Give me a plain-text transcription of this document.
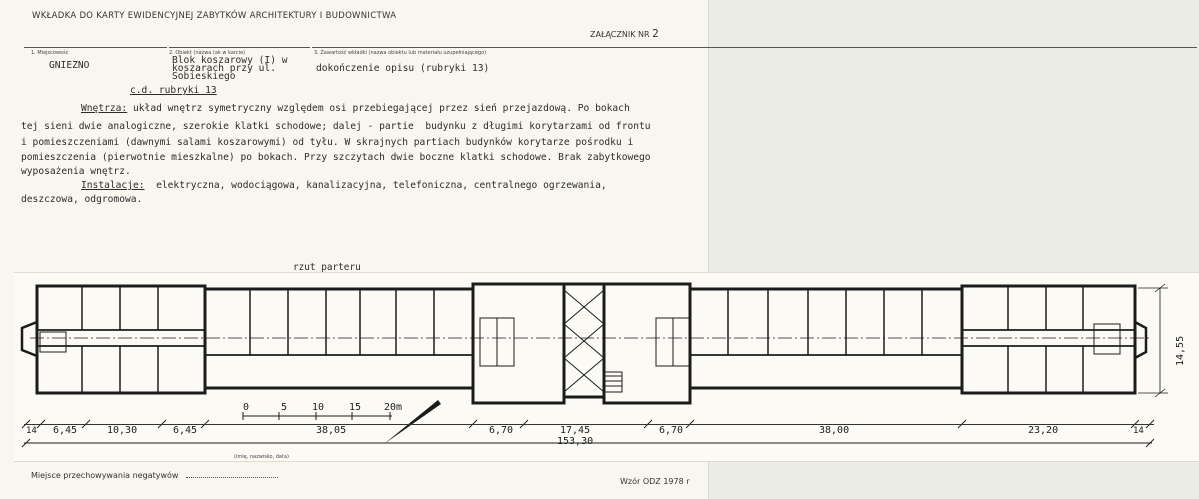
WKŁADKA DO KARTY EWIDENCYJNEJ ZABYTKÓW ARCHITEKTURY I BUDOWNICTWA
ZAŁĄCZNIK NR 2
1. Miejscowość	2. Obiekt (nazwa (ak w karcie)	3. Zawartość wkładki (nazwa obiektu lub materiału uzupełniającego)
GNIEZNO	Blok koszarowy (I) w
koszarach przy ul.
Sobieskiego
dokończenie opisu (rubryki 13)
c.d. rubryki 13
Wnętrza: układ wnętrz symetryczny względem osi przebiegającej przez sień przejazdową. Po bokach
tej sieni dwie analogiczne, szerokie klatki schodowe; dalej - partie  budynku z długimi korytarzami od frontu
i pomieszczeniami (dawnymi salami koszarowymi) od tyłu. W skrajnych partiach budynków korytarze pośrodku i
pomieszczenia (pierwotnie mieszkalne) po bokach. Przy szczytach dwie boczne klatki schodowe. Brak zabytkowego
wyposażenia wnętrz.
Instalacje:  elektryczna, wodociągowa, kanalizacyjna, telefoniczna, centralnego ogrzewania,
deszczowa, odgromowa.
rzut parteru
0	5 10 15 20m
14 6,45	10,30	6,45	38,05	6,70	17,45	6,70	38,00	23,20	14
153,30
14,55
(imię, nazwisko, data)
Miejsce przechowywania negatywów
Wzór ODZ 1978 r
